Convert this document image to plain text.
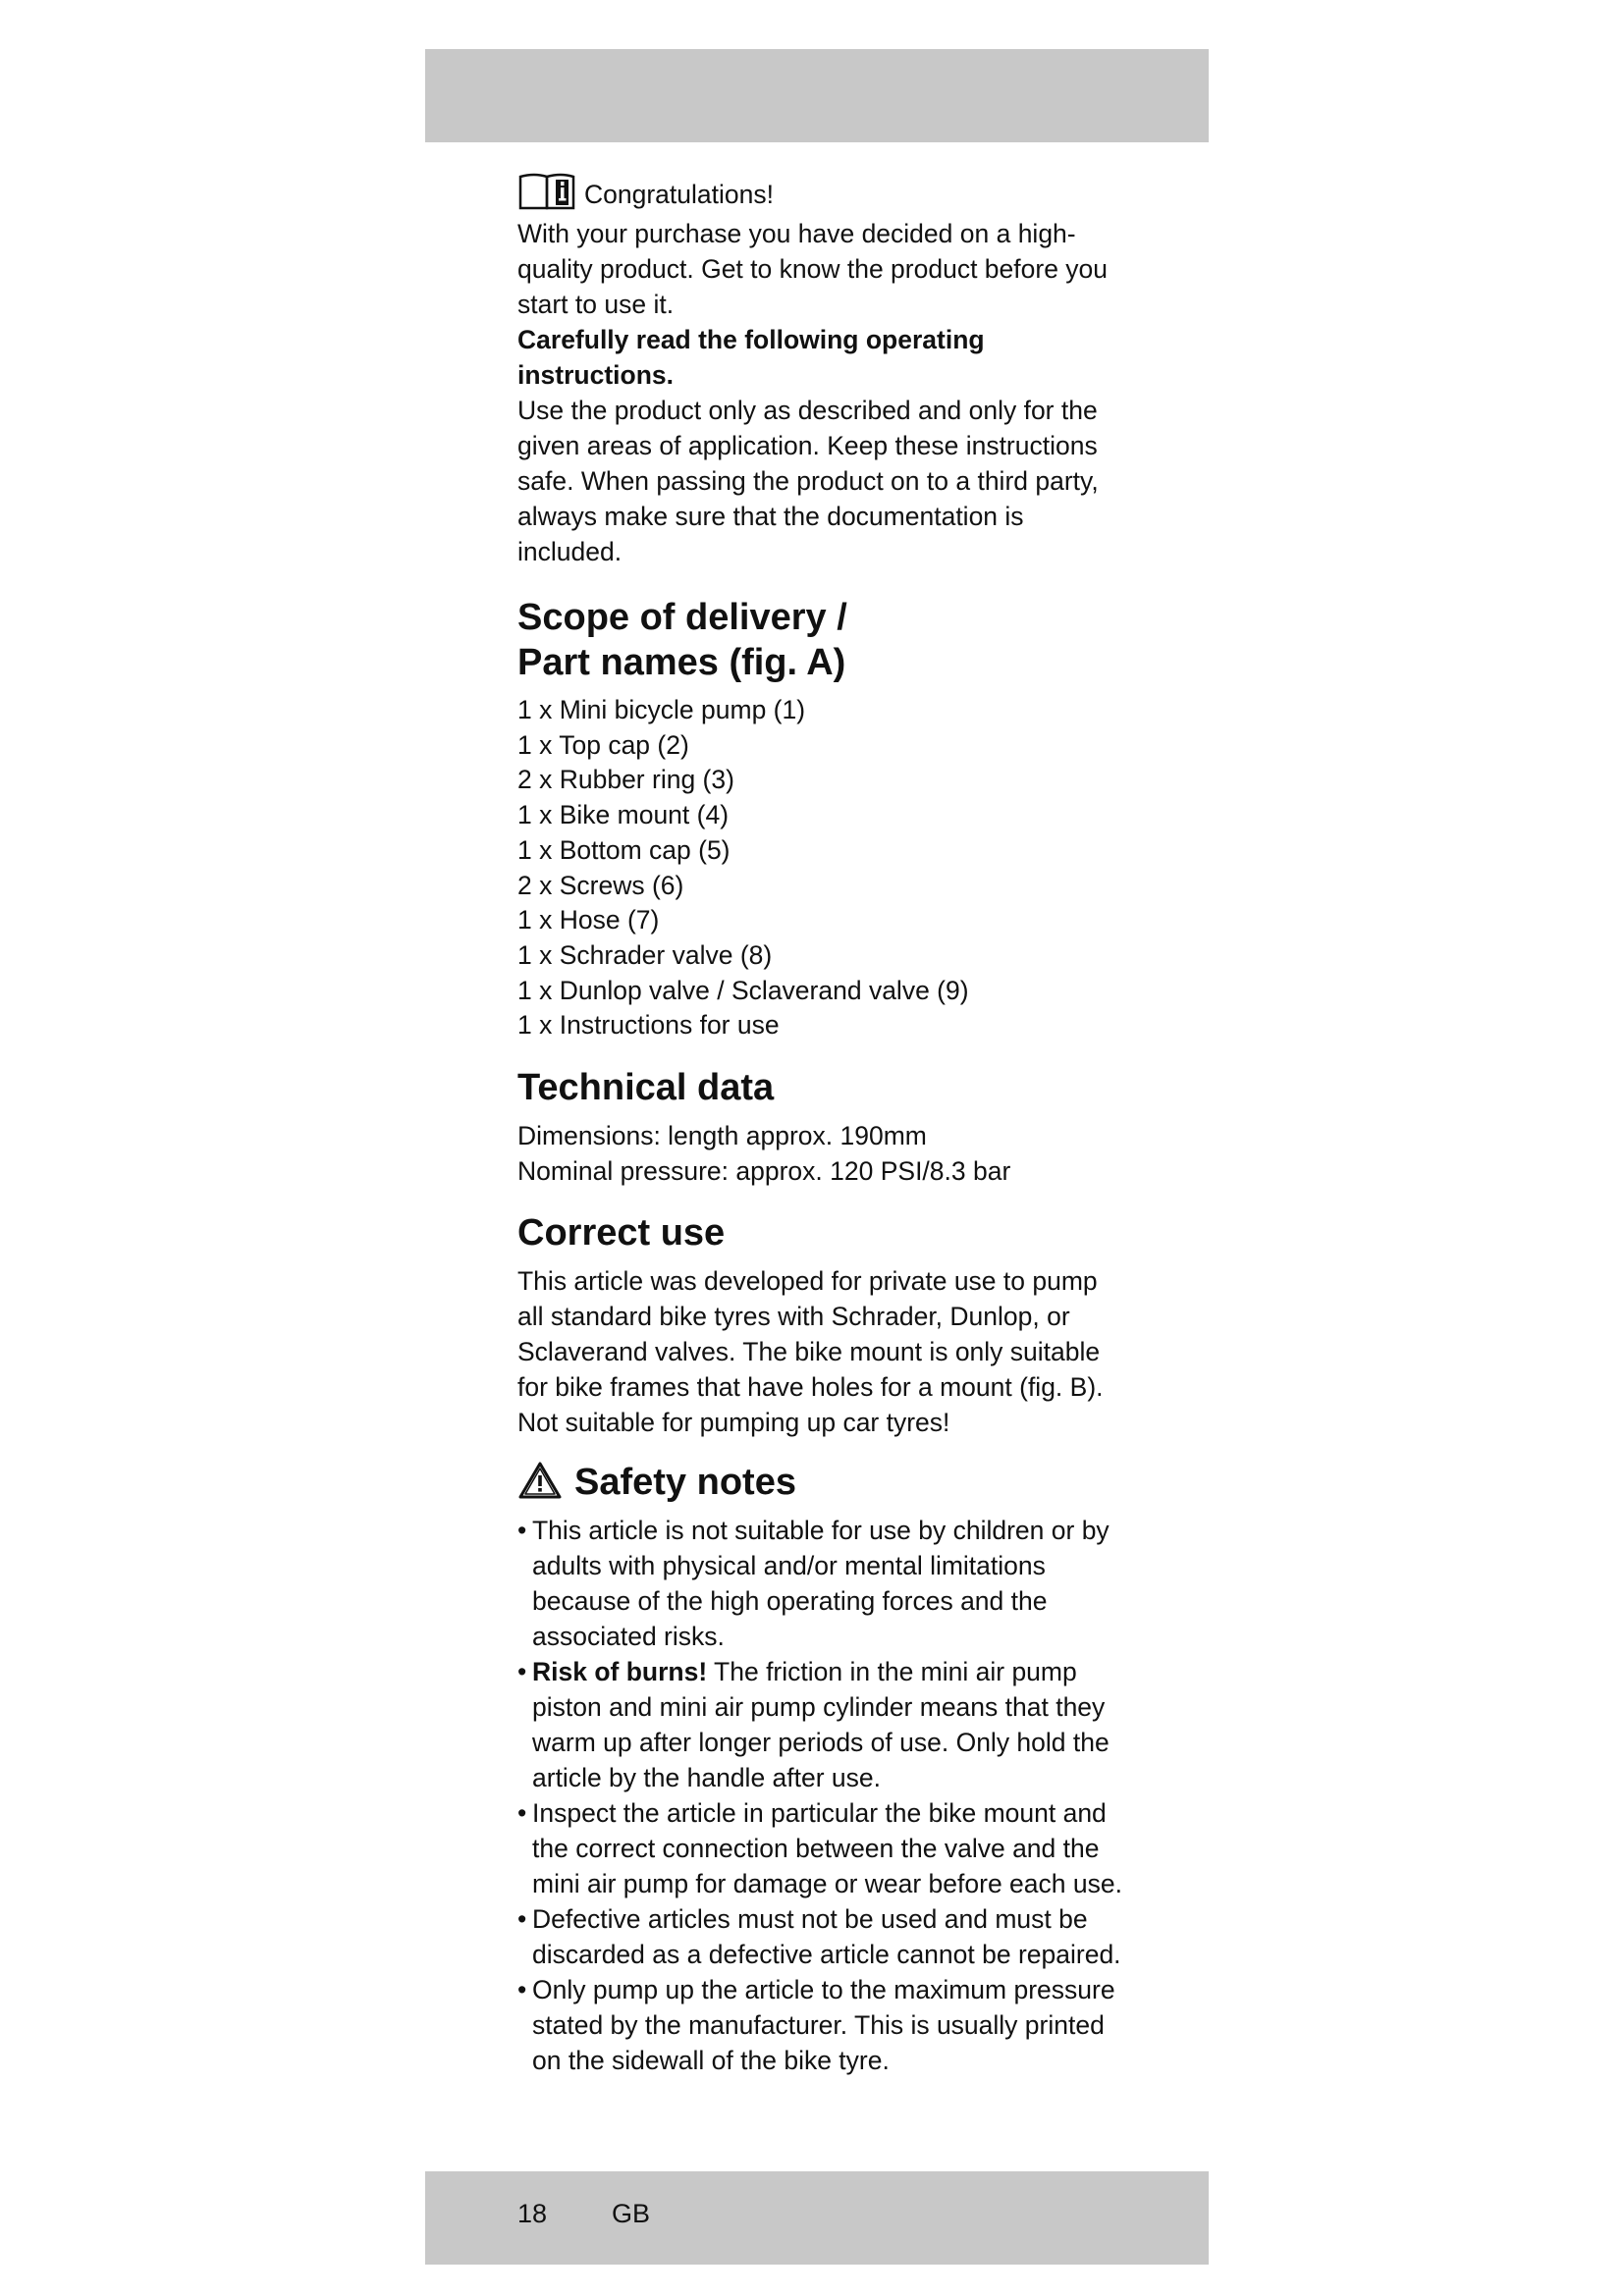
Congratulations!

With your purchase you have decided on a high-quality product. Get to know the product before you start to use it.

Carefully read the following operating instructions.

Use the product only as described and only for the given areas of application. Keep these instructions safe. When passing the product on to a third party, always make sure that the documentation is included.

Scope of delivery /
Part names (fig. A)
1 x Mini bicycle pump (1)
1 x Top cap (2)
2 x Rubber ring (3)
1 x Bike mount (4)
1 x Bottom cap (5)
2 x Screws (6)
1 x Hose (7)
1 x Schrader valve (8)
1 x Dunlop valve / Sclaverand valve (9)
1 x Instructions for use
Technical data

Dimensions: length approx. 190mm

Nominal pressure: approx. 120 PSI/8.3 bar

Correct use

This article was developed for private use to pump all standard bike tyres with Schrader, Dunlop, or Sclaverand valves. The bike mount is only suitable for bike frames that have holes for a mount (fig. B). Not suitable for pumping up car tyres!

Safety notes
• This article is not suitable for use by children or by adults with physical and/or mental limitations because of the high operating forces and the associated risks.
• Risk of burns! The friction in the mini air pump piston and mini air pump cylinder means that they warm up after longer periods of use. Only hold the article by the handle after use.
• Inspect the article in particular the bike mount and the correct connection between the valve and the mini air pump for damage or wear before each use.
• Defective articles must not be used and must be discarded as a defective article cannot be repaired.
• Only pump up the article to the maximum pressure stated by the manufacturer. This is usually printed on the sidewall of the bike tyre.
18 GB
